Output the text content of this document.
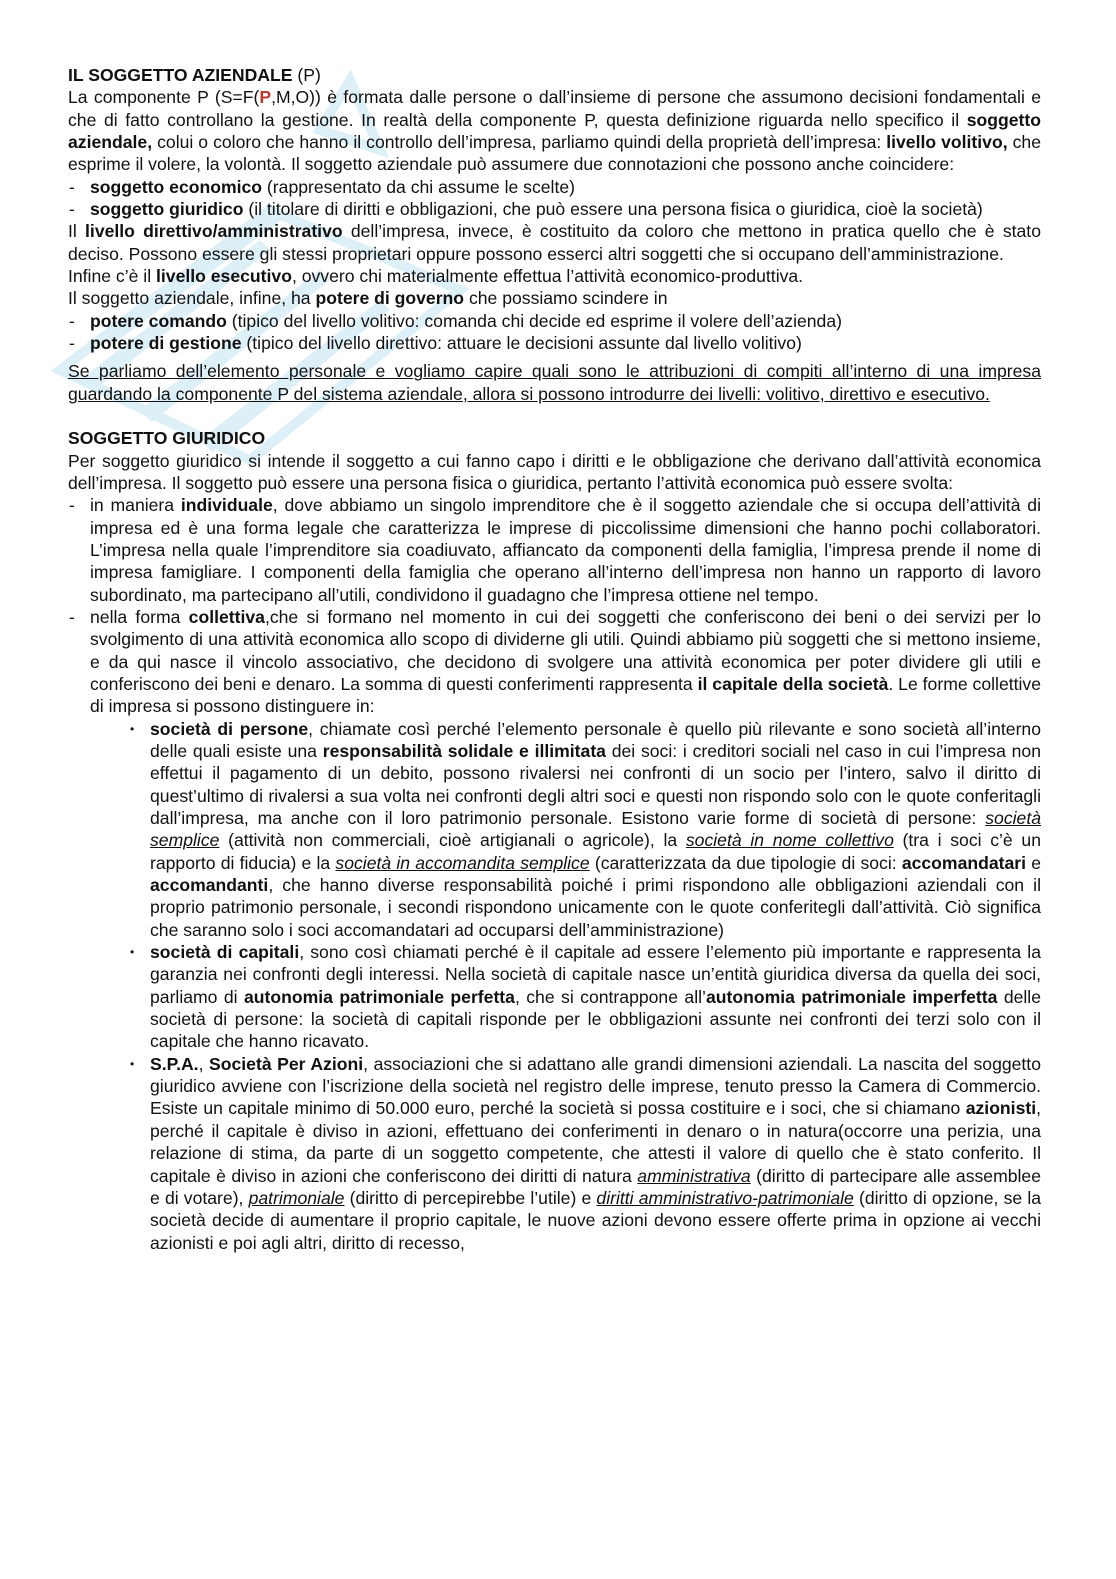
IL SOGGETTO AZIENDALE (P)

La componente P (S=F(P,M,O)) è formata dalle persone o dall’insieme di persone che assumono decisioni fondamentali e che di fatto controllano la gestione. In realtà della componente P, questa definizione riguarda nello specifico il soggetto aziendale, colui o coloro che hanno il controllo dell’impresa, parliamo quindi della proprietà dell’impresa: livello volitivo, che esprime il volere, la volontà. Il soggetto aziendale può assumere due connotazioni che possono anche coincidere:

- soggetto economico (rappresentato da chi assume le scelte)
- soggetto giuridico (il titolare di diritti e obbligazioni, che può essere una persona fisica o giuridica, cioè la società)

Il livello direttivo/amministrativo dell’impresa, invece, è costituito da coloro che mettono in pratica quello che è stato deciso. Possono essere gli stessi proprietari oppure possono esserci altri soggetti che si occupano dell’amministrazione.

Infine c’è il livello esecutivo, ovvero chi materialmente effettua l’attività economico-produttiva.

Il soggetto aziendale, infine, ha potere di governo che possiamo scindere in

- potere comando (tipico del livello volitivo: comanda chi decide ed esprime il volere dell’azienda)
- potere di gestione (tipico del livello direttivo: attuare le decisioni assunte dal livello volitivo)

Se parliamo dell’elemento personale e vogliamo capire quali sono le attribuzioni di compiti all’interno di una impresa guardando la componente P del sistema aziendale, allora si possono introdurre dei livelli: volitivo, direttivo e esecutivo.

SOGGETTO GIURIDICO

Per soggetto giuridico si intende il soggetto a cui fanno capo i diritti e le obbligazione che derivano dall’attività economica dell’impresa. Il soggetto può essere una persona fisica o giuridica, pertanto l’attività economica può essere svolta:

- in maniera individuale, dove abbiamo un singolo imprenditore che è il soggetto aziendale che si occupa dell’attività di impresa ed è una forma legale che caratterizza le imprese di piccolissime dimensioni che hanno pochi collaboratori. L’impresa nella quale l’imprenditore sia coadiuvato, affiancato da componenti della famiglia, l’impresa prende il nome di impresa famigliare. I componenti della famiglia che operano all’interno dell’impresa non hanno un rapporto di lavoro subordinato, ma partecipano all’utili, condividono il guadagno che l’impresa ottiene nel tempo.
- nella forma collettiva,che si formano nel momento in cui dei soggetti che conferiscono dei beni o dei servizi per lo svolgimento di una attività economica allo scopo di dividerne gli utili. Quindi abbiamo più soggetti che si mettono insieme, e da qui nasce il vincolo associativo, che decidono di svolgere una attività economica per poter dividere gli utili e conferiscono dei beni e denaro. La somma di questi conferimenti rappresenta il capitale della società. Le forme collettive di impresa si possono distinguere in:
• società di persone, chiamate così perché l’elemento personale è quello più rilevante e sono società all’interno delle quali esiste una responsabilità solidale e illimitata dei soci: i creditori sociali nel caso in cui l’impresa non effettui il pagamento di un debito, possono rivalersi nei confronti di un socio per l’intero, salvo il diritto di quest’ultimo di rivalersi a sua volta nei confronti degli altri soci e questi non rispondo solo con le quote conferitagli dall’impresa, ma anche con il loro patrimonio personale. Esistono varie forme di società di persone: società semplice (attività non commerciali, cioè artigianali o agricole), la società in nome collettivo (tra i soci c’è un rapporto di fiducia) e la società in accomandita semplice (caratterizzata da due tipologie di soci: accomandatari e accomandanti, che hanno diverse responsabilità poiché i primi rispondono alle obbligazioni aziendali con il proprio patrimonio personale, i secondi rispondono unicamente con le quote conferitegli dall’attività. Ciò significa che saranno solo i soci accomandatari ad occuparsi dell’amministrazione)
• società di capitali, sono così chiamati perché è il capitale ad essere l’elemento più importante e rappresenta la garanzia nei confronti degli interessi. Nella società di capitale nasce un’entità giuridica diversa da quella dei soci, parliamo di autonomia patrimoniale perfetta, che si contrappone all’autonomia patrimoniale imperfetta delle società di persone: la società di capitali risponde per le obbligazioni assunte nei confronti dei terzi solo con il capitale che hanno ricavato.
• S.P.A., Società Per Azioni, associazioni che si adattano alle grandi dimensioni aziendali. La nascita del soggetto giuridico avviene con l’iscrizione della società nel registro delle imprese, tenuto presso la Camera di Commercio. Esiste un capitale minimo di 50.000 euro, perché la società si possa costituire e i soci, che si chiamano azionisti, perché il capitale è diviso in azioni, effettuano dei conferimenti in denaro o in natura(occorre una perizia, una relazione di stima, da parte di un soggetto competente, che attesti il valore di quello che è stato conferito. Il capitale è diviso in azioni che conferiscono dei diritti di natura amministrativa (diritto di partecipare alle assemblee e di votare), patrimoniale (diritto di percepirebbe l’utile) e diritti amministrativo-patrimoniale (diritto di opzione, se la società decide di aumentare il proprio capitale, le nuove azioni devono essere offerte prima in opzione ai vecchi azionisti e poi agli altri, diritto di recesso,
